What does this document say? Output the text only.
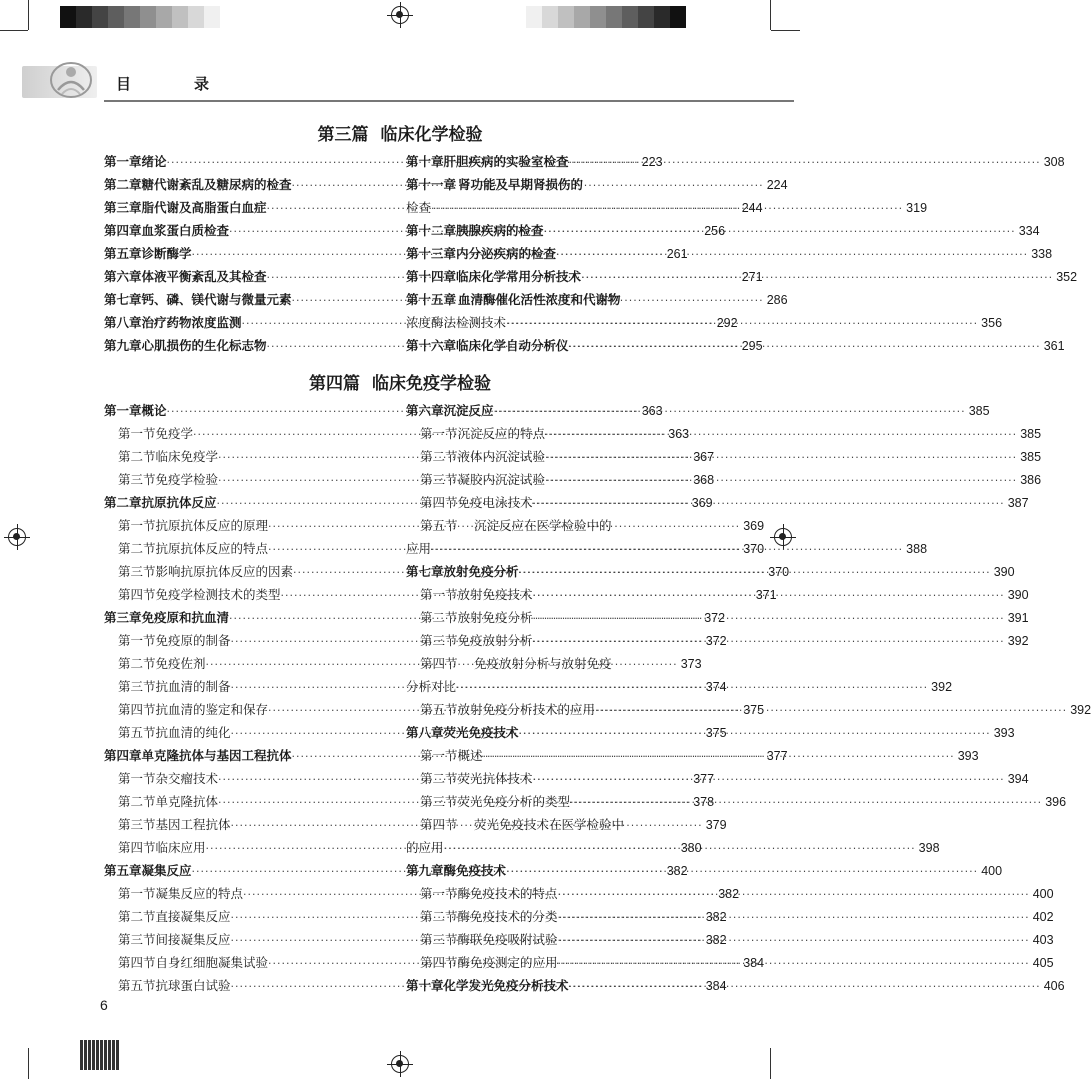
目　录
第三篇 临床化学检验
第一章 绪论 ·····	223
第二章 糖代谢紊乱及糖尿病的检查 ·····	224
第三章 脂代谢及高脂蛋白血症 ·····	244
第四章 血浆蛋白质检查 ·····	256
第五章 诊断酶学 ·····	261
第六章 体液平衡紊乱及其检查 ·····	271
第七章 钙、磷、镁代谢与微量元素 ·····	286
第八章 治疗药物浓度监测 ·····	292
第九章 心肌损伤的生化标志物 ·····	295
第十章 肝胆疾病的实验室检查 ·····	308
第十一章 肾功能及早期肾损伤的
检查 ·····	319
第十二章 胰腺疾病的检查 ·····	334
第十三章 内分泌疾病的检查 ·····	338
第十四章 临床化学常用分析技术 ·····	352
第十五章 血清酶催化活性浓度和代谢物
浓度酶法检测技术 ·····	356
第十六章 临床化学自动分析仪 ·····	361
第四篇 临床免疫学检验
第一章 概论 ·····	363
第一节 免疫学 ·····	363
第二节 临床免疫学 ·····	367
第三节 免疫学检验 ·····	368
第二章 抗原抗体反应 ·····	369
第一节 抗原抗体反应的原理 ·····	369
第二节 抗原抗体反应的特点 ·····	370
第三节 影响抗原抗体反应的因素 ·····	370
第四节 免疫学检测技术的类型 ·····	371
第三章 免疫原和抗血清 ·····	372
第一节 免疫原的制备 ·····	372
第二节 免疫佐剂 ·····	373
第三节 抗血清的制备 ·····	374
第四节 抗血清的鉴定和保存 ·····	375
第五节 抗血清的纯化 ·····	375
第四章 单克隆抗体与基因工程抗体 ·····	377
第一节 杂交瘤技术 ·····	377
第二节 单克隆抗体 ·····	378
第三节 基因工程抗体 ·····	379
第四节 临床应用 ·····	380
第五章 凝集反应 ·····	382
第一节 凝集反应的特点 ·····	382
第二节 直接凝集反应 ·····	382
第三节 间接凝集反应 ·····	382
第四节 自身红细胞凝集试验 ·····	384
第五节 抗球蛋白试验 ·····	384
第六章 沉淀反应 ·····	385
第一节 沉淀反应的特点 ·····	385
第二节 液体内沉淀试验 ·····	385
第三节 凝胶内沉淀试验 ·····	386
第四节 免疫电泳技术 ·····	387
第五节	沉淀反应在医学检验中的
应用 ·····	388
第七章 放射免疫分析 ·····	390
第一节 放射免疫技术 ·····	390
第二节 放射免疫分析 ·····	391
第三节 免疫放射分析 ·····	392
第四节	免疫放射分析与放射免疫
分析对比 ·····	392
第五节 放射免疫分析技术的应用 ·····	392
第八章 荧光免疫技术 ·····	393
第一节 概述 ·····	393
第二节 荧光抗体技术 ·····	394
第三节 荧光免疫分析的类型 ·····	396
第四节	荧光免疫技术在医学检验中
的应用 ·····	398
第九章 酶免疫技术 ·····	400
第一节 酶免疫技术的特点 ·····	400
第二节 酶免疫技术的分类 ·····	402
第三节 酶联免疫吸附试验 ·····	403
第四节 酶免疫测定的应用 ·····	405
第十章 化学发光免疫分析技术 ·····	406
6
